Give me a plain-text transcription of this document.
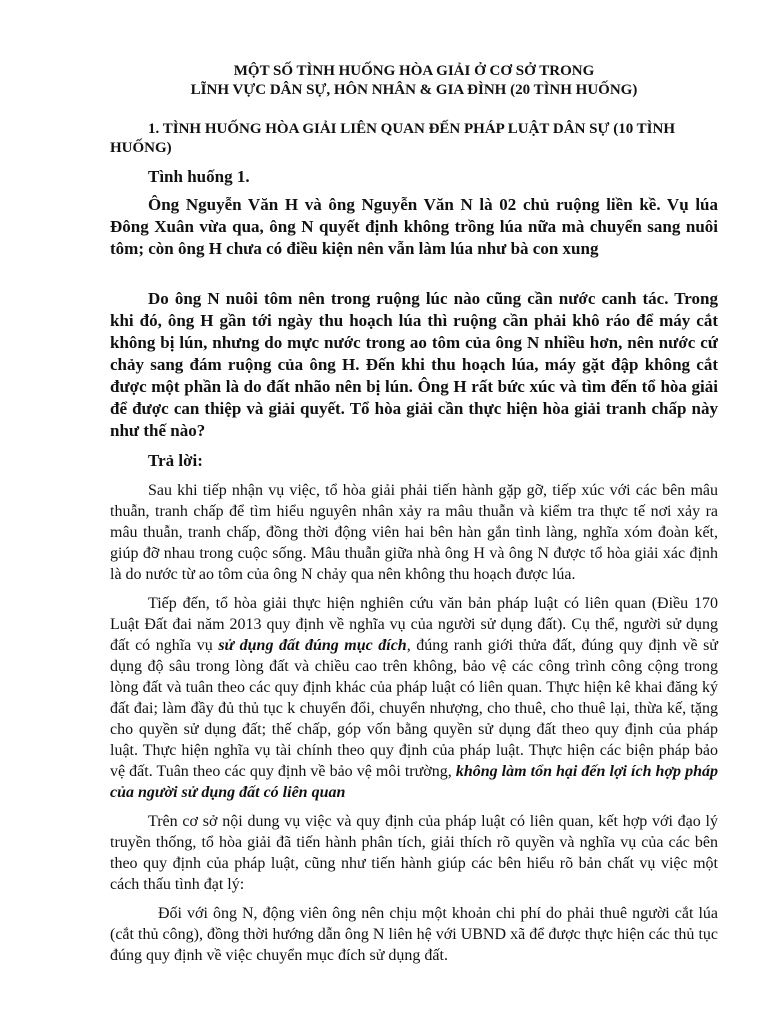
MỘT SỐ TÌNH HUỐNG HÒA GIẢI Ở CƠ SỞ TRONG
LĨNH VỰC DÂN SỰ, HÔN NHÂN & GIA ĐÌNH (20 TÌNH HUỐNG)
1. TÌNH HUỐNG HÒA GIẢI LIÊN QUAN ĐẾN PHÁP LUẬT DÂN SỰ (10 TÌNH HUỐNG)
Tình huống 1.
Ông Nguyễn Văn H và ông Nguyễn Văn N là 02 chủ ruộng liền kề. Vụ lúa Đông Xuân vừa qua, ông N quyết định không trồng lúa nữa mà chuyển sang nuôi tôm; còn ông H chưa có điều kiện nên vẫn làm lúa như bà con xung
Do ông N nuôi tôm nên trong ruộng lúc nào cũng cần nước canh tác. Trong khi đó, ông H gần tới ngày thu hoạch lúa thì ruộng cần phải khô ráo để máy cắt không bị lún, nhưng do mực nước trong ao tôm của ông N nhiều hơn, nên nước cứ chảy sang đám ruộng của ông H. Đến khi thu hoạch lúa, máy gặt đập không cắt được một phần là do đất nhão nên bị lún. Ông H rất bức xúc và tìm đến tổ hòa giải để được can thiệp và giải quyết. Tổ hòa giải cần thực hiện hòa giải tranh chấp này như thế nào?
Trả lời:
Sau khi tiếp nhận vụ việc, tổ hòa giải phải tiến hành gặp gỡ, tiếp xúc với các bên mâu thuẫn, tranh chấp để tìm hiểu nguyên nhân xảy ra mâu thuẫn và kiểm tra thực tế nơi xảy ra mâu thuẫn, tranh chấp, đồng thời động viên hai bên hàn gắn tình làng, nghĩa xóm đoàn kết, giúp đỡ nhau trong cuộc sống. Mâu thuẫn giữa nhà ông H và ông N được tổ hòa giải xác định là do nước từ ao tôm của ông N chảy qua nên không thu hoạch được lúa.
Tiếp đến, tổ hòa giải thực hiện nghiên cứu văn bản pháp luật có liên quan (Điều 170 Luật Đất đai năm 2013 quy định về nghĩa vụ của người sử dụng đất). Cụ thể, người sử dụng đất có nghĩa vụ sử dụng đất đúng mục đích, đúng ranh giới thửa đất, đúng quy định về sử dụng độ sâu trong lòng đất và chiều cao trên không, bảo vệ các công trình công cộng trong lòng đất và tuân theo các quy định khác của pháp luật có liên quan. Thực hiện kê khai đăng ký đất đai; làm đầy đủ thủ tục k chuyển đổi, chuyển nhượng, cho thuê, cho thuê lại, thừa kế, tặng cho quyền sử dụng đất; thế chấp, góp vốn bằng quyền sử dụng đất theo quy định của pháp luật. Thực hiện nghĩa vụ tài chính theo quy định của pháp luật. Thực hiện các biện pháp bảo vệ đất. Tuân theo các quy định về bảo vệ môi trường, không làm tổn hại đến lợi ích hợp pháp của người sử dụng đất có liên quan
Trên cơ sở nội dung vụ việc và quy định của pháp luật có liên quan, kết hợp với đạo lý truyền thống, tổ hòa giải đã tiến hành phân tích, giải thích rõ quyền và nghĩa vụ của các bên theo quy định của pháp luật, cũng như tiến hành giúp các bên hiểu rõ bản chất vụ việc một cách thấu tình đạt lý:
Đối với ông N, động viên ông nên chịu một khoản chi phí do phải thuê người cắt lúa (cắt thủ công), đồng thời hướng dẫn ông N liên hệ với UBND xã để được thực hiện các thủ tục đúng quy định về việc chuyển mục đích sử dụng đất.
